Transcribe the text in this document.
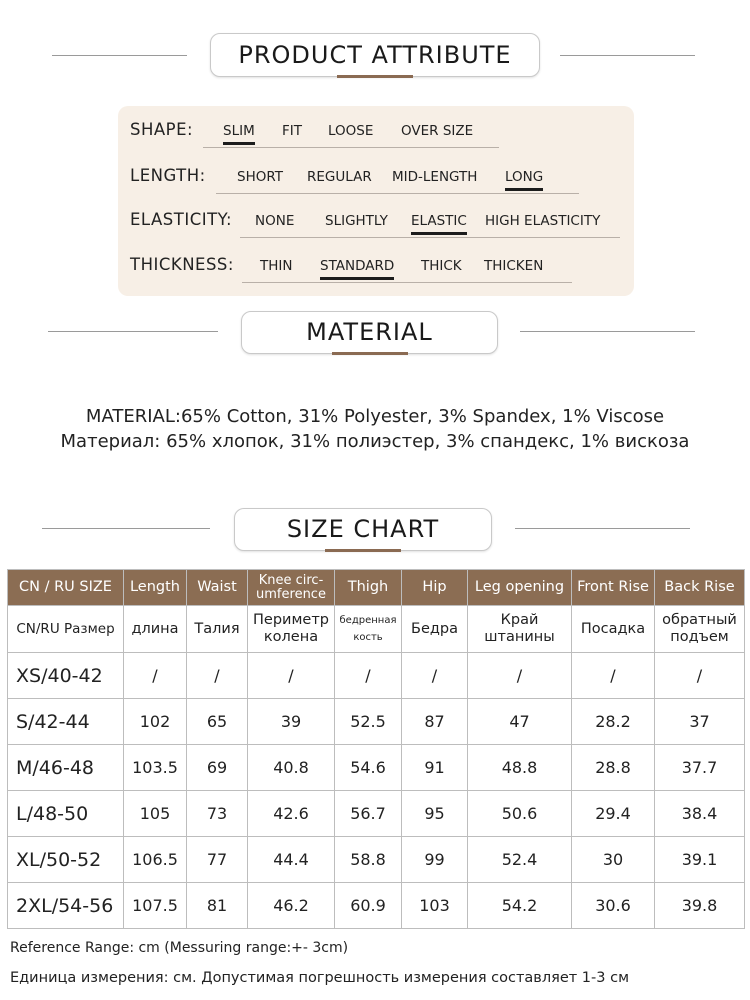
PRODUCT ATTRIBUTE
SHAPE: SLIM FIT LOOSE OVER SIZE
LENGTH: SHORT REGULAR MID-LENGTH LONG
ELASTICITY: NONE SLIGHTLY ELASTIC HIGH ELASTICITY
THICKNESS: THIN STANDARD THICK THICKEN
MATERIAL
MATERIAL:65% Cotton, 31% Polyester, 3% Spandex, 1% Viscose
Материал: 65% хлопок, 31% полиэстер, 3% спандекс, 1% вискоза
SIZE CHART
CN / RU SIZE	Length	Waist	Knee circ-umference	Thigh	Hip	Leg opening	Front Rise	Back Rise
CN/RU Размер	длина	Талия	Периметр колена	бедренная кость	Бедра	Край штанины	Посадка	обратный подъем
XS/40-42	/	/	/	/	/	/	/	/
S/42-44	102	65	39	52.5	87	47	28.2	37
M/46-48	103.5	69	40.8	54.6	91	48.8	28.8	37.7
L/48-50	105	73	42.6	56.7	95	50.6	29.4	38.4
XL/50-52	106.5	77	44.4	58.8	99	52.4	30	39.1
2XL/54-56	107.5	81	46.2	60.9	103	54.2	30.6	39.8
Reference Range: cm (Messuring range:+- 3cm)
Единица измерения: см. Допустимая погрешность измерения составляет 1-3 см
